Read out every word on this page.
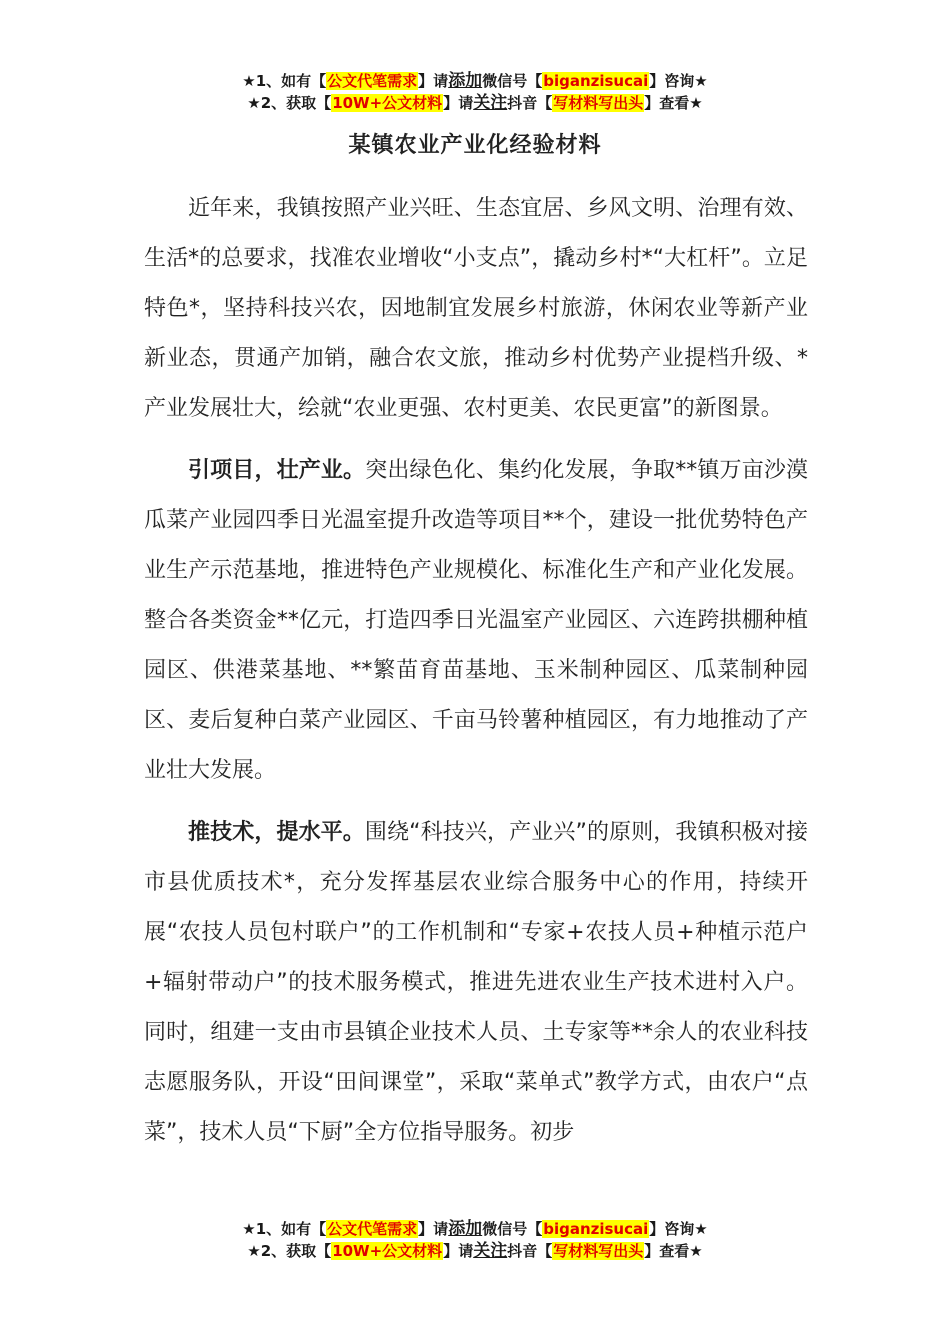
★1、如有【公文代笔需求】请添加微信号【biganzisucai】咨询★
★2、获取【10W+公文材料】请关注抖音【写材料写出头】查看★
某镇农业产业化经验材料

近年来，我镇按照产业兴旺、生态宜居、乡风文明、治理有效、生活*的总要求，找准农业增收“小支点”，撬动乡村*“大杠杆”。立足特色*，坚持科技兴农，因地制宜发展乡村旅游，休闲农业等新产业新业态，贯通产加销，融合农文旅，推动乡村优势产业提档升级、*产业发展壮大，绘就“农业更强、农村更美、农民更富”的新图景。

引项目，壮产业。突出绿色化、集约化发展，争取**镇万亩沙漠瓜菜产业园四季日光温室提升改造等项目**个，建设一批优势特色产业生产示范基地，推进特色产业规模化、标准化生产和产业化发展。整合各类资金**亿元，打造四季日光温室产业园区、六连跨拱棚种植园区、供港菜基地、**繁苗育苗基地、玉米制种园区、瓜菜制种园区、麦后复种白菜产业园区、千亩马铃薯种植园区，有力地推动了产业壮大发展。

推技术，提水平。围绕“科技兴，产业兴”的原则，我镇积极对接市县优质技术*，充分发挥基层农业综合服务中心的作用，持续开展“农技人员包村联户”的工作机制和“专家+农技人员+种植示范户+辐射带动户”的技术服务模式，推进先进农业生产技术进村入户。同时，组建一支由市县镇企业技术人员、土专家等**余人的农业科技志愿服务队，开设“田间课堂”，采取“菜单式”教学方式，由农户“点菜”，技术人员“下厨”全方位指导服务。初步

★1、如有【公文代笔需求】请添加微信号【biganzisucai】咨询★
★2、获取【10W+公文材料】请关注抖音【写材料写出头】查看★
